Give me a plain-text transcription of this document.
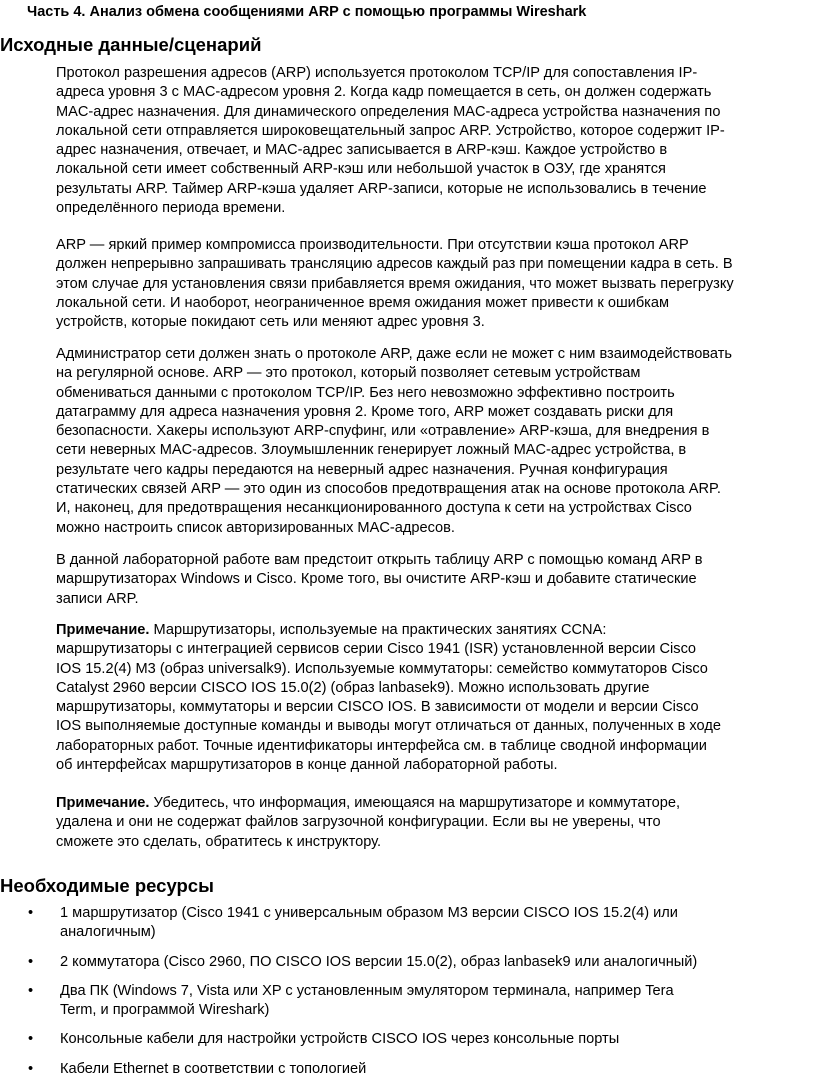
Часть 4. Анализ обмена сообщениями ARP с помощью программы Wireshark
Исходные данные/сценарий

Протокол разрешения адресов (ARP) используется протоколом TCP/IP для сопоставления IP-
адреса уровня 3 с MAC-адресом уровня 2. Когда кадр помещается в сеть, он должен содержать
MAC-адрес назначения. Для динамического определения MAC-адреса устройства назначения по
локальной сети отправляется широковещательный запрос ARP. Устройство, которое содержит IP-
адрес назначения, отвечает, и MAC-адрес записывается в ARP-кэш. Каждое устройство в
локальной сети имеет собственный ARP-кэш или небольшой участок в ОЗУ, где хранятся
результаты ARP. Таймер ARP-кэша удаляет ARP-записи, которые не использовались в течение
определённого периода времени.

ARP — яркий пример компромисса производительности. При отсутствии кэша протокол ARP
должен непрерывно запрашивать трансляцию адресов каждый раз при помещении кадра в сеть. В
этом случае для установления связи прибавляется время ожидания, что может вызвать перегрузку
локальной сети. И наоборот, неограниченное время ожидания может привести к ошибкам
устройств, которые покидают сеть или меняют адрес уровня 3.

Администратор сети должен знать о протоколе ARP, даже если не может с ним взаимодействовать
на регулярной основе. ARP — это протокол, который позволяет сетевым устройствам
обмениваться данными с протоколом TCP/IP. Без него невозможно эффективно построить
датаграмму для адреса назначения уровня 2. Кроме того, ARP может создавать риски для
безопасности. Хакеры используют ARP-спуфинг, или «отравление» ARP-кэша, для внедрения в
сети неверных MAC-адресов. Злоумышленник генерирует ложный MAC-адрес устройства, в
результате чего кадры передаются на неверный адрес назначения. Ручная конфигурация
статических связей ARP — это один из способов предотвращения атак на основе протокола ARP.
И, наконец, для предотвращения несанкционированного доступа к сети на устройствах Cisco
можно настроить список авторизированных MAC-адресов.

В данной лабораторной работе вам предстоит открыть таблицу ARP с помощью команд ARP в
маршрутизаторах Windows и Cisco. Кроме того, вы очистите ARP-кэш и добавите статические
записи ARP.

Примечание. Маршрутизаторы, используемые на практических занятиях CCNA:
маршрутизаторы с интеграцией сервисов серии Cisco 1941 (ISR) установленной версии Cisco
IOS 15.2(4) M3 (образ universalk9). Используемые коммутаторы: семейство коммутаторов Cisco
Catalyst 2960 версии CISCO IOS 15.0(2) (образ lanbasek9). Можно использовать другие
маршрутизаторы, коммутаторы и версии CISCO IOS. В зависимости от модели и версии Cisco
IOS выполняемые доступные команды и выводы могут отличаться от данных, полученных в ходе
лабораторных работ. Точные идентификаторы интерфейса см. в таблице сводной информации
об интерфейсах маршрутизаторов в конце данной лабораторной работы.

Примечание. Убедитесь, что информация, имеющаяся на маршрутизаторе и коммутаторе,
удалена и они не содержат файлов загрузочной конфигурации. Если вы не уверены, что
сможете это сделать, обратитесь к инструктору.

Необходимые ресурсы
• 1 маршрутизатор (Cisco 1941 с универсальным образом M3 версии CISCO IOS 15.2(4) или
аналогичным)
• 2 коммутатора (Cisco 2960, ПО CISCO IOS версии 15.0(2), образ lanbasek9 или аналогичный)
• Два ПК (Windows 7, Vista или XP с установленным эмулятором терминала, например Tera
Term, и программой Wireshark)
• Консольные кабели для настройки устройств CISCO IOS через консольные порты
• Кабели Ethernet в соответствии с топологией
